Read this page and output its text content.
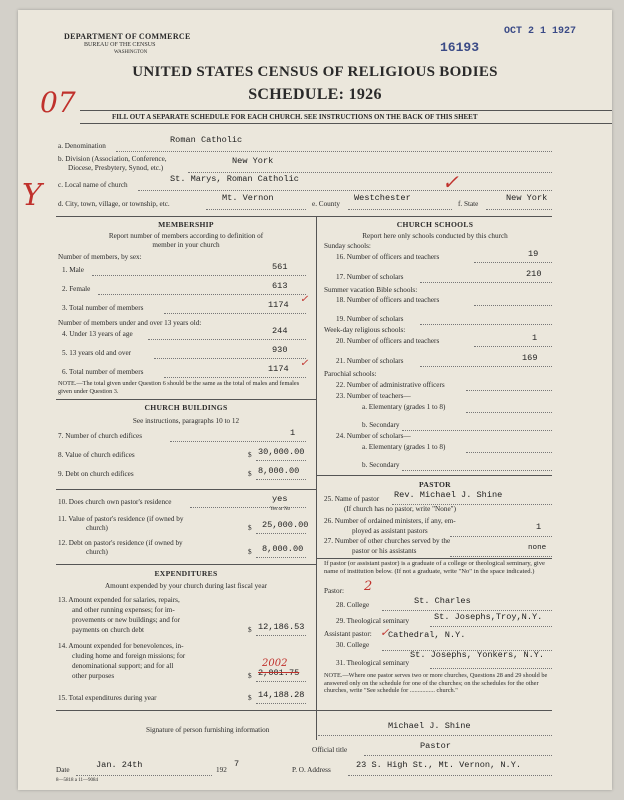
DEPARTMENT OF COMMERCE
BUREAU OF THE CENSUS
WASHINGTON	16193
OCT 2 1 1927
UNITED STATES CENSUS OF RELIGIOUS BODIES
SCHEDULE: 1926
07	FILL OUT A SEPARATE SCHEDULE FOR EACH CHURCH. SEE INSTRUCTIONS ON THE BACK OF THIS SHEET
Y
a. Denomination
Roman Catholic
b. Division (Association, Conference,
Diocese, Presbytery, Synod, etc.)
New York
c. Local name of church
St. Marys, Roman Catholic
d. City, town, village, or township, etc.
Mt. Vernon
e. County
Westchester
✓
f. State
New York
MEMBERSHIP
Report number of members according to definition of
member in your church
Number of members, by sex:
1. Male	561
2. Female	613
3. Total number of members	1174 ✓
Number of members under and over 13 years old:
4. Under 13 years of age	244
5. 13 years old and over	930
6. Total number of members	1174 ✓
NOTE.—The total given under Question 6 should be the same as the total of males and females given under Question 3.
CHURCH BUILDINGS
See instructions, paragraphs 10 to 12
7. Number of church edifices	1
8. Value of church edifices	$ 30,000.00
9. Debt on church edifices	$ 8,000.00
10. Does church own pastor's residence	yes
Yes or No
11. Value of pastor's residence (if owned by
church)	$ 25,000.00
12. Debt on pastor's residence (if owned by
church)	$ 8,000.00
EXPENDITURES
Amount expended by your church during last fiscal year
13. Amount expended for salaries, repairs,
and other running expenses; for im-
provements or new buildings; and for
payments on church debt	$ 12,186.53
14. Amount expended for benevolences, in-
cluding home and foreign missions; for
denominational support; and for all
other purposes
2002
$ 2,001.75
15. Total expenditures during year	$ 14,188.28
CHURCH SCHOOLS
Report here only schools conducted by this church
Sunday schools:
16. Number of officers and teachers	19
17. Number of scholars	210
Summer vacation Bible schools:
18. Number of officers and teachers
19. Number of scholars
Week-day religious schools:
20. Number of officers and teachers	1
21. Number of scholars	169
Parochial schools:
22. Number of administrative officers
23. Number of teachers—
a. Elementary (grades 1 to 8)
b. Secondary
24. Number of scholars—
a. Elementary (grades 1 to 8)
b. Secondary
PASTOR
25. Name of pastor Rev. Michael J. Shine
(If church has no pastor, write "None")
26. Number of ordained ministers, if any, em-
ployed as assistant pastors	1
27. Number of other churches served by the
pastor or his assistants	none
If pastor (or assistant pastor) is a graduate of a college or theological seminary, give name of institution below. (If not a graduate, write "No" in the space indicated.)
Pastor: 2
28. College	St. Charles
29. Theological seminary	St. Josephs,Troy,N.Y.
Assistant pastor: ✓
30. College
Cathedral, N.Y.
31. Theological seminary
St. Josephs, Yonkers, N.Y.
NOTE.—Where one pastor serves two or more churches, Questions 28 and 29 should be answered only on the schedule for one of the churches; on the schedules for the other churches, write "See schedule for ................ church."
Signature of person furnishing information	Michael J. Shine
Official title	Pastor
Date	Jan. 24th	192
7
P. O. Address	23 S. High St., Mt. Vernon, N.Y.
8—5818 a 11—9084
